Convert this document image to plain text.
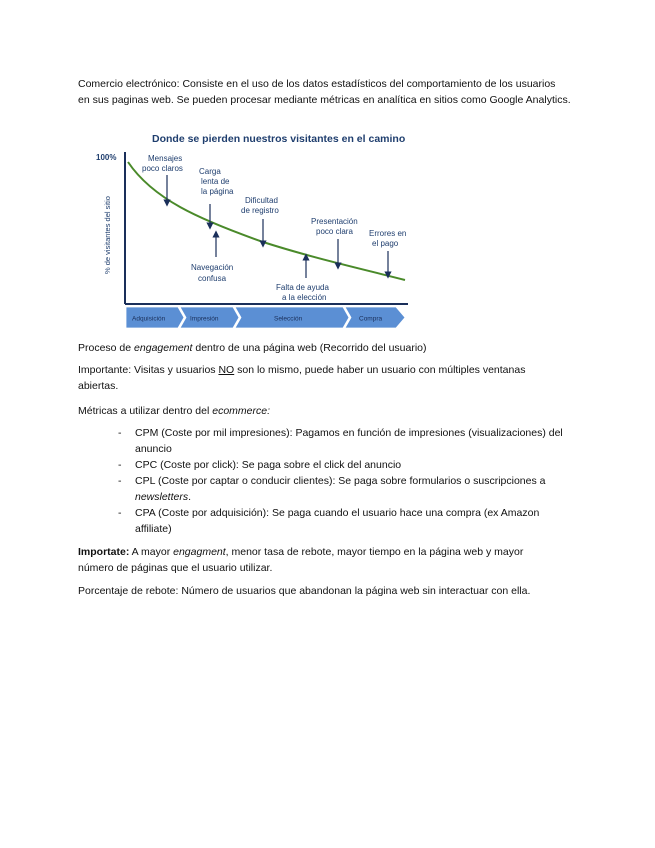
Comercio electrónico: Consiste en el uso de los datos estadísticos del comportamiento de los usuarios
en sus paginas web. Se pueden procesar mediante métricas en analítica en sitios como Google Analytics.

Donde se pierden nuestros visitantes en el camino
100%
% de visitantes del sitio
Mensajes poco claros Carga lenta de la página
Dificultad de registro
Presentación poco clara	Errores en el pago
Navegación confusa
Falta de ayuda a la elección
Adquisición	Impresión	Selección	Compra

Proceso de engagement dentro de una página web (Recorrido del usuario)

Importante: Visitas y usuarios NO son lo mismo, puede haber un usuario con múltiples ventanas
abiertas.

Métricas a utilizar dentro del ecommerce:

- CPM (Coste por mil impresiones): Pagamos en función de impresiones (visualizaciones) del
anuncio
- CPC (Coste por click): Se paga sobre el click del anuncio
- CPL (Coste por captar o conducir clientes): Se paga sobre formularios o suscripciones a
newsletters.
- CPA (Coste por adquisición): Se paga cuando el usuario hace una compra (ex Amazon
affiliate)

Importate: A mayor engagment, menor tasa de rebote, mayor tiempo en la página web y mayor
número de páginas que el usuario utilizar.

Porcentaje de rebote: Número de usuarios que abandonan la página web sin interactuar con ella.
